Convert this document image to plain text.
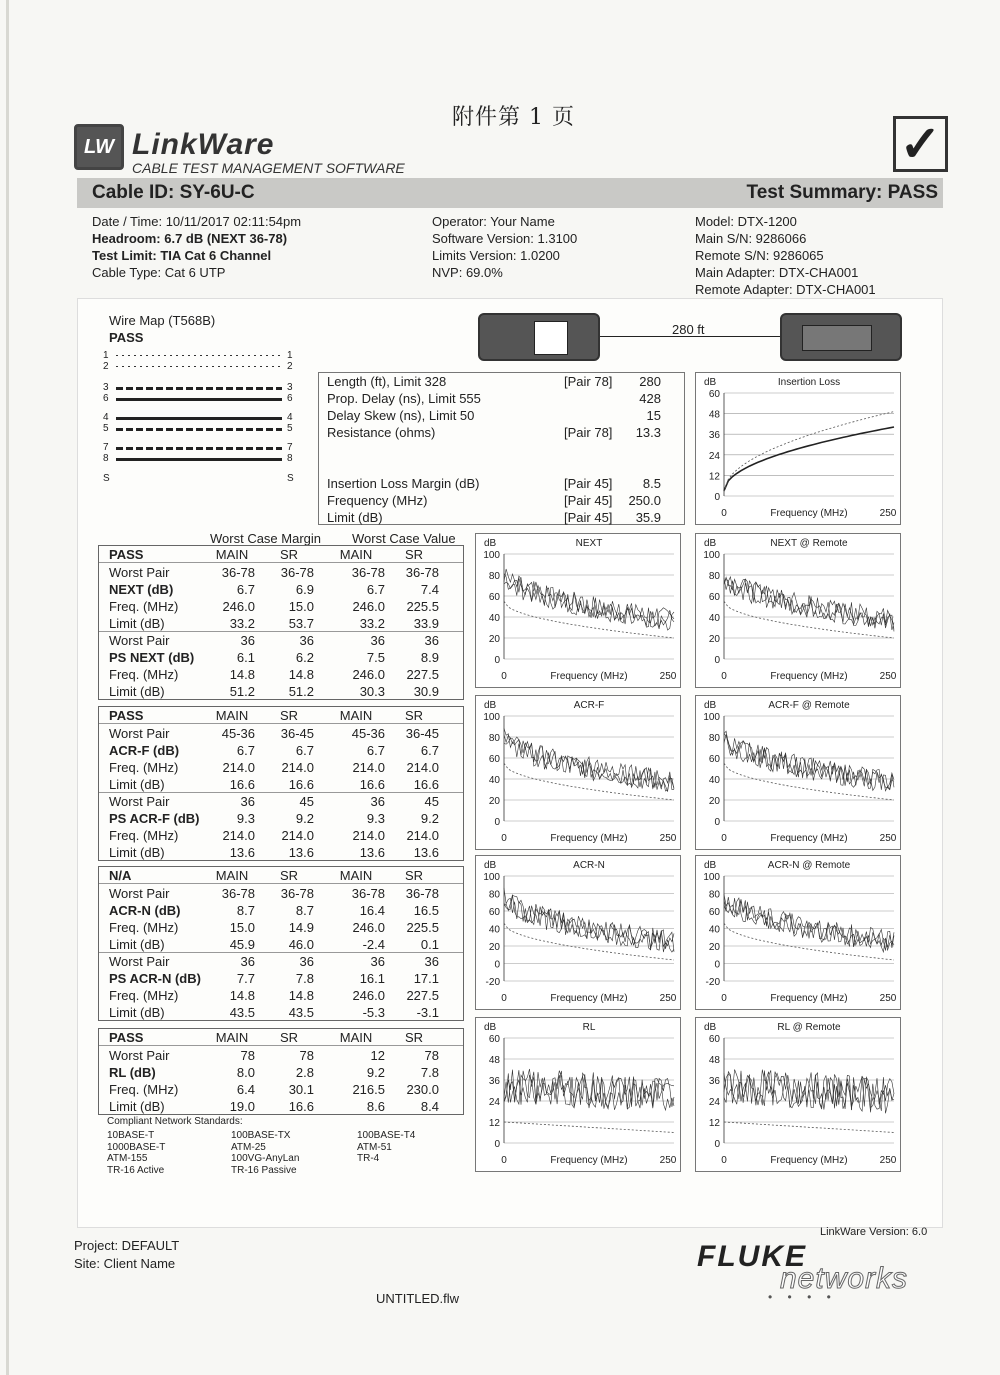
附件第 1 页
LW LinkWare
CABLE TEST MANAGEMENT SOFTWARE	✓
Cable ID: SY-6U-C	Test Summary: PASS
Date / Time: 10/11/2017 02:11:54pm
Headroom: 6.7 dB (NEXT 36-78)
Test Limit: TIA Cat 6 Channel
Cable Type: Cat 6 UTP
Operator: Your Name
Software Version: 1.3100
Limits Version: 1.0200
NVP: 69.0%
Model: DTX-1200
Main S/N: 9286066
Remote S/N: 9286065
Main Adapter: DTX-CHA001
Remote Adapter: DTX-CHA001
Wire Map (T568B)
PASS
1	1
2	2
3	3
6	6
4	4
5	5
7	7
8	8
S	S
280 ft
Length (ft), Limit 328	[Pair 78] 280
Prop. Delay (ns), Limit 555	428
Delay Skew (ns), Limit 50	15
Resistance (ohms)	[Pair 78] 13.3
Insertion Loss Margin (dB)	[Pair 45] 8.5
Frequency (MHz)	[Pair 45] 250.0
Limit (dB)	[Pair 45] 35.9
Worst Case Margin Worst Case Value
PASS	MAIN	SR	MAIN	SR
Worst Pair	36-78	36-78	36-78	36-78
NEXT (dB)	6.7	6.9	6.7	7.4
Freq. (MHz)	246.0	15.0	246.0	225.5
Limit (dB)	33.2	53.7	33.2	33.9
Worst Pair	36	36	36	36
PS NEXT (dB)	6.1	6.2	7.5	8.9
Freq. (MHz)	14.8	14.8	246.0	227.5
Limit (dB)	51.2	51.2	30.3	30.9
PASS	MAIN	SR	MAIN	SR
Worst Pair	45-36	36-45	45-36	36-45
ACR-F (dB)	6.7	6.7	6.7	6.7
Freq. (MHz)	214.0	214.0	214.0	214.0
Limit (dB)	16.6	16.6	16.6	16.6
Worst Pair	36	45	36	45
PS ACR-F (dB)	9.3	9.2	9.3	9.2
Freq. (MHz)	214.0	214.0	214.0	214.0
Limit (dB)	13.6	13.6	13.6	13.6
N/A	MAIN	SR	MAIN	SR
Worst Pair	36-78	36-78	36-78	36-78
ACR-N (dB)	8.7	8.7	16.4	16.5
Freq. (MHz)	15.0	14.9	246.0	225.5
Limit (dB)	45.9	46.0	-2.4	0.1
Worst Pair	36	36	36	36
PS ACR-N (dB)	7.7	7.8	16.1	17.1
Freq. (MHz)	14.8	14.8	246.0	227.5
Limit (dB)	43.5	43.5	-5.3	-3.1
PASS	MAIN	SR	MAIN	SR
Worst Pair	78	78	12	78
RL (dB)	8.0	2.8	9.2	7.8
Freq. (MHz)	6.4	30.1	216.5	230.0
Limit (dB)	19.0	16.6	8.6	8.4
Compliant Network Standards:
10BASE-T
1000BASE-T
ATM-155
TR-16 Active
100BASE-TX
ATM-25
100VG-AnyLan
TR-16 Passive
100BASE-T4
ATM-51
TR-4
dB	Insertion Loss
60
48
36
24
12
0
0	250
Frequency (MHz)
dB	NEXT
100
80
60
40
20
0
0	250
Frequency (MHz)
dB	NEXT @ Remote
100
80
60
40
20
0
0	250
Frequency (MHz)
dB	ACR-F
100
80
60
40
20
0
0	250
Frequency (MHz)
dB	ACR-F @ Remote
100
80
60
40
20
0
0	250
Frequency (MHz)
dB	ACR-N
100
80
60
40
20
0
-20
0	250
Frequency (MHz)
dB	ACR-N @ Remote
100
80
60
40
20
0
-20
0	250
Frequency (MHz)
dB	RL
60
48
36
24
12
0
0	250
Frequency (MHz)
dB	RL @ Remote
60
48
36
24
12
0
0	250
Frequency (MHz)
LinkWare Version: 6.0
Project: DEFAULT
Site: Client Name
UNTITLED.flw
FLUKE
networks
• • • •
